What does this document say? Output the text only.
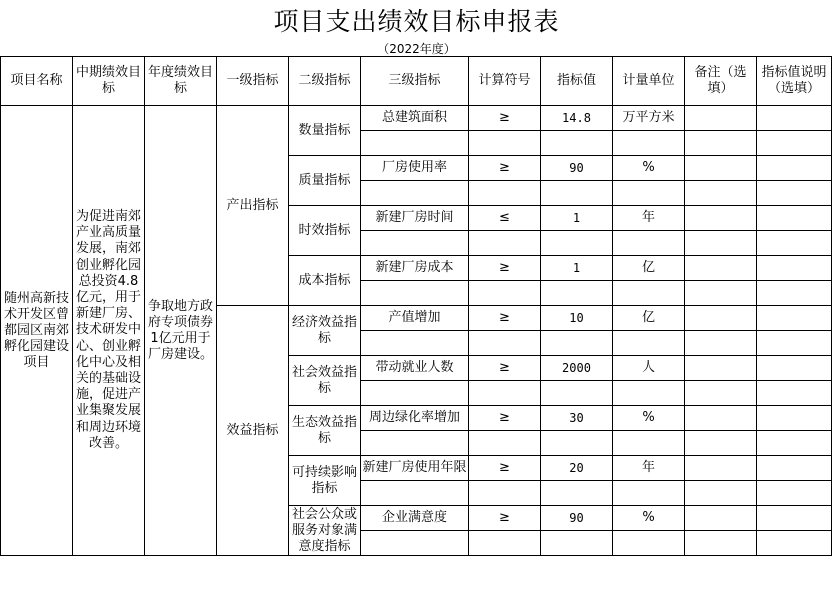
项目支出绩效目标申报表
（2022年度）
项目名称	中期绩效目标	年度绩效目标	一级指标	二级指标	三级指标	计算符号	指标值	计量单位	备注（选填）	指标值说明（选填）
随州高新技术开发区曾都园区南郊孵化园建设项目	为促进南郊产业高质量发展，南郊创业孵化园总投资4.8亿元，用于新建厂房、技术研发中心、创业孵化中心及相关的基础设施，促进产业集聚发展和周边环境改善。	争取地方政府专项债券1亿元用于厂房建设。	产出指标	数量指标	总建筑面积	≥	14.8	万平方米		

				质量指标	厂房使用率	≥	90	%		

				时效指标	新建厂房时间	≤	1	年		

				成本指标	新建厂房成本	≥	1	亿		

			效益指标	经济效益指标	产值增加	≥	10	亿		

				社会效益指标	带动就业人数	≥	2000	人		

				生态效益指标	周边绿化率增加	≥	30	%		

				可持续影响指标	新建厂房使用年限	≥	20	年		

				社会公众或服务对象满意度指标	企业满意度	≥	90	%		
